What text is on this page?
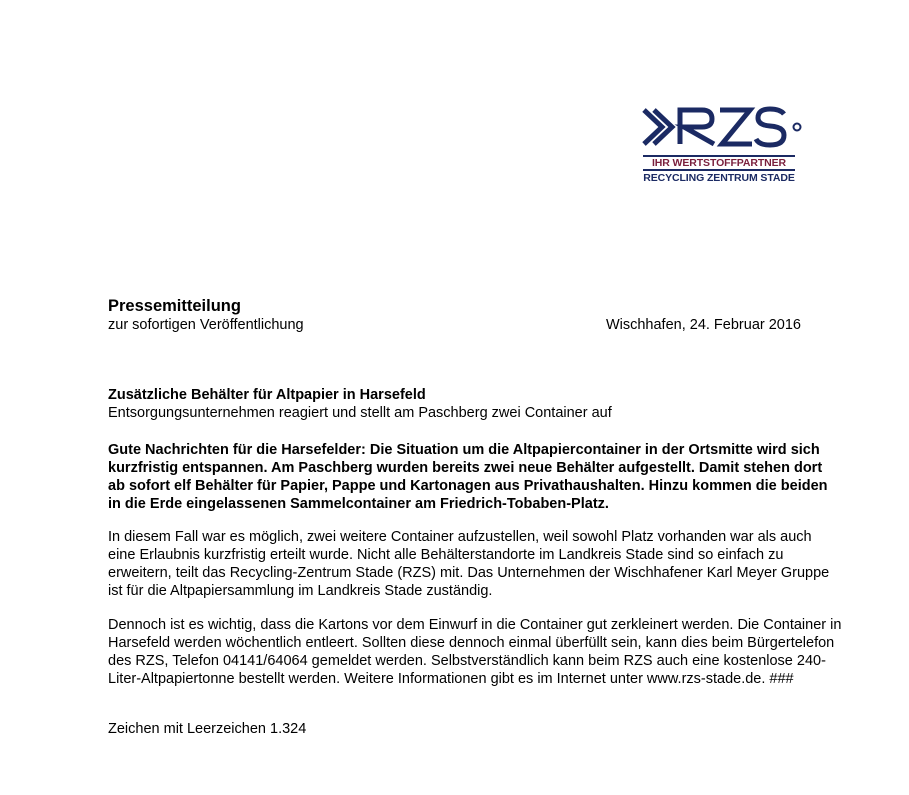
IHR WERTSTOFFPARTNER
RECYCLING ZENTRUM STADE
Pressemitteilung
zur sofortigen Veröffentlichung	Wischhafen, 24. Februar 2016
Zusätzliche Behälter für Altpapier in Harsefeld
Entsorgungsunternehmen reagiert und stellt am Paschberg zwei Container auf
Gute Nachrichten für die Harsefelder: Die Situation um die Altpapiercontainer in der Ortsmitte wird sich kurzfristig entspannen. Am Paschberg wurden bereits zwei neue Behälter aufgestellt. Damit stehen dort ab sofort elf Behälter für Papier, Pappe und Kartonagen aus Privathaushalten. Hinzu kommen die beiden in die Erde eingelassenen Sammelcontainer am Friedrich-Tobaben-Platz.
In diesem Fall war es möglich, zwei weitere Container aufzustellen, weil sowohl Platz vorhanden war als auch eine Erlaubnis kurzfristig erteilt wurde. Nicht alle Behälterstandorte im Landkreis Stade sind so einfach zu erweitern, teilt das Recycling-Zentrum Stade (RZS) mit. Das Unternehmen der Wischhafener Karl Meyer Gruppe ist für die Altpapiersammlung im Landkreis Stade zuständig.
Dennoch ist es wichtig, dass die Kartons vor dem Einwurf in die Container gut zerkleinert werden. Die Container in Harsefeld werden wöchentlich entleert. Sollten diese dennoch einmal überfüllt sein, kann dies beim Bürgertelefon des RZS, Telefon 04141/64064 gemeldet werden. Selbstverständlich kann beim RZS auch eine kostenlose 240-Liter-Altpapiertonne bestellt werden. Weitere Informationen gibt es im Internet unter www.rzs-stade.de. ###
Zeichen mit Leerzeichen 1.324
